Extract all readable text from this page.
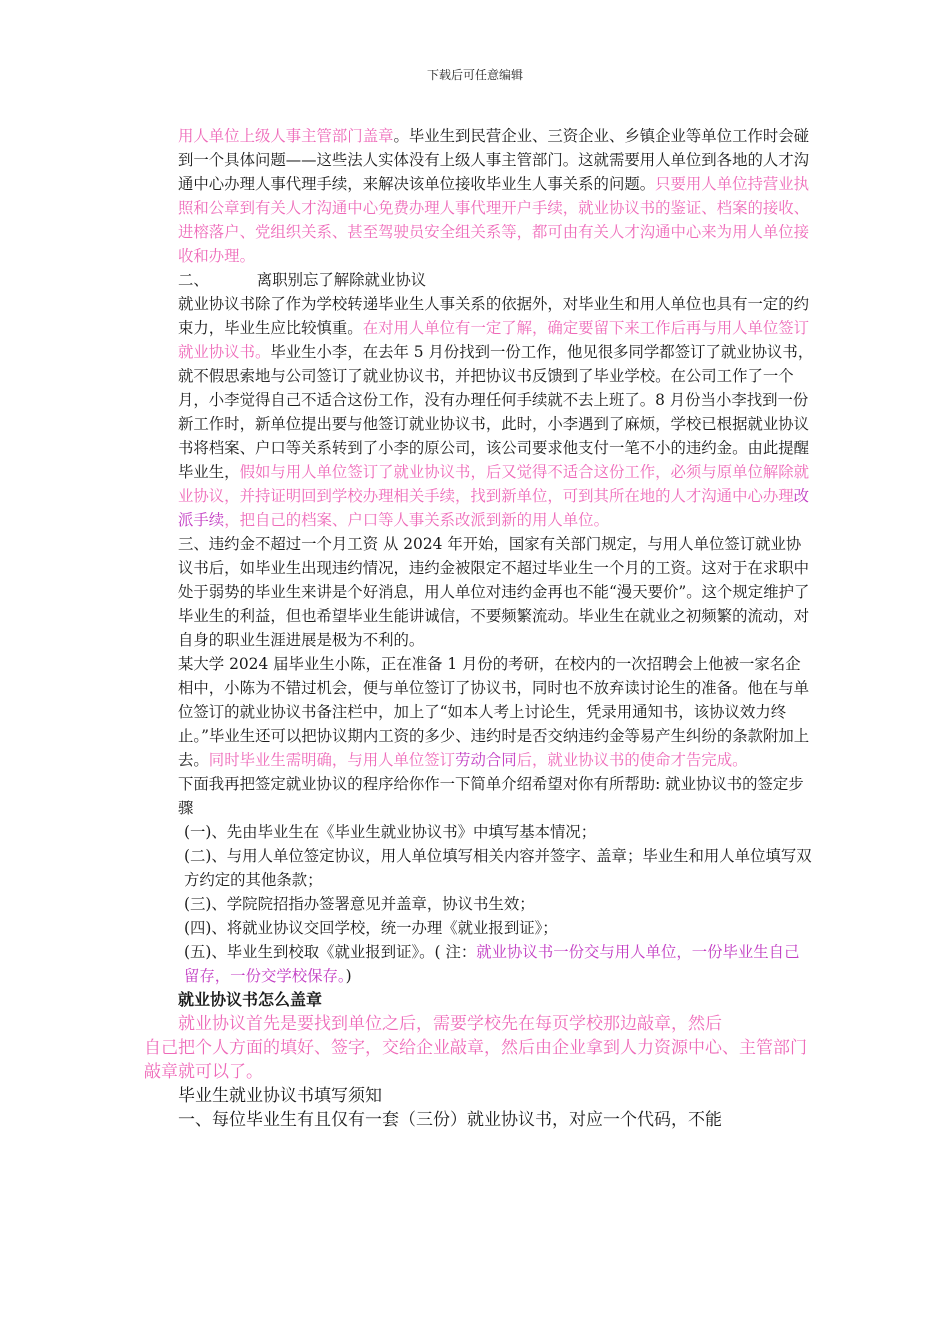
下载后可任意编辑

用人单位上级人事主管部门盖章。毕业生到民营企业、三资企业、乡镇企业等单位工作时会碰到一个具体问题——这些法人实体没有上级人事主管部门。这就需要用人单位到各地的人才沟通中心办理人事代理手续，来解决该单位接收毕业生人事关系的问题。只要用人单位持营业执照和公章到有关人才沟通中心免费办理人事代理开户手续，就业协议书的鉴证、档案的接收、进榕落户、党组织关系、甚至驾驶员安全组关系等，都可由有关人才沟通中心来为用人单位接收和办理。

二、	离职别忘了解除就业协议

就业协议书除了作为学校转递毕业生人事关系的依据外，对毕业生和用人单位也具有一定的约束力，毕业生应比较慎重。在对用人单位有一定了解，确定要留下来工作后再与用人单位签订就业协议书。毕业生小李，在去年 5 月份找到一份工作，他见很多同学都签订了就业协议书，就不假思索地与公司签订了就业协议书，并把协议书反馈到了毕业学校。在公司工作了一个月，小李觉得自己不适合这份工作，没有办理任何手续就不去上班了。8 月份当小李找到一份新工作时，新单位提出要与他签订就业协议书，此时，小李遇到了麻烦，学校已根据就业协议书将档案、户口等关系转到了小李的原公司，该公司要求他支付一笔不小的违约金。由此提醒毕业生，假如与用人单位签订了就业协议书，后又觉得不适合这份工作，必须与原单位解除就业协议，并持证明回到学校办理相关手续，找到新单位，可到其所在地的人才沟通中心办理改派手续，把自己的档案、户口等人事关系改派到新的用人单位。

三、违约金不超过一个月工资 从 2024 年开始，国家有关部门规定，与用人单位签订就业协议书后，如毕业生出现违约情况，违约金被限定不超过毕业生一个月的工资。这对于在求职中处于弱势的毕业生来讲是个好消息，用人单位对违约金再也不能“漫天要价”。这个规定维护了毕业生的利益，但也希望毕业生能讲诚信，不要频繁流动。毕业生在就业之初频繁的流动，对自身的职业生涯进展是极为不利的。

某大学 2024 届毕业生小陈，正在准备 1 月份的考研，在校内的一次招聘会上他被一家名企相中，小陈为不错过机会，便与单位签订了协议书，同时也不放弃读讨论生的准备。他在与单位签订的就业协议书备注栏中，加上了“如本人考上讨论生，凭录用通知书，该协议效力终止。”毕业生还可以把协议期内工资的多少、违约时是否交纳违约金等易产生纠纷的条款附加上去。同时毕业生需明确，与用人单位签订劳动合同后，就业协议书的使命才告完成。

下面我再把签定就业协议的程序给你作一下简单介绍希望对你有所帮助: 就业协议书的签定步骤

(一)、先由毕业生在《毕业生就业协议书》中填写基本情况；

(二)、与用人单位签定协议，用人单位填写相关内容并签字、盖章；毕业生和用人单位填写双方约定的其他条款；

(三)、学院院招指办签署意见并盖章，协议书生效；

(四)、将就业协议交回学校，统一办理《就业报到证》；

(五)、毕业生到校取《就业报到证》。( 注：就业协议书一份交与用人单位，一份毕业生自己留存，一份交学校保存。)

就业协议书怎么盖章

就业协议首先是要找到单位之后，需要学校先在每页学校那边敲章，然后

自己把个人方面的填好、签字，交给企业敲章，然后由企业拿到人力资源中心、主管部门敲章就可以了。

毕业生就业协议书填写须知

一、每位毕业生有且仅有一套（三份）就业协议书，对应一个代码，不能
